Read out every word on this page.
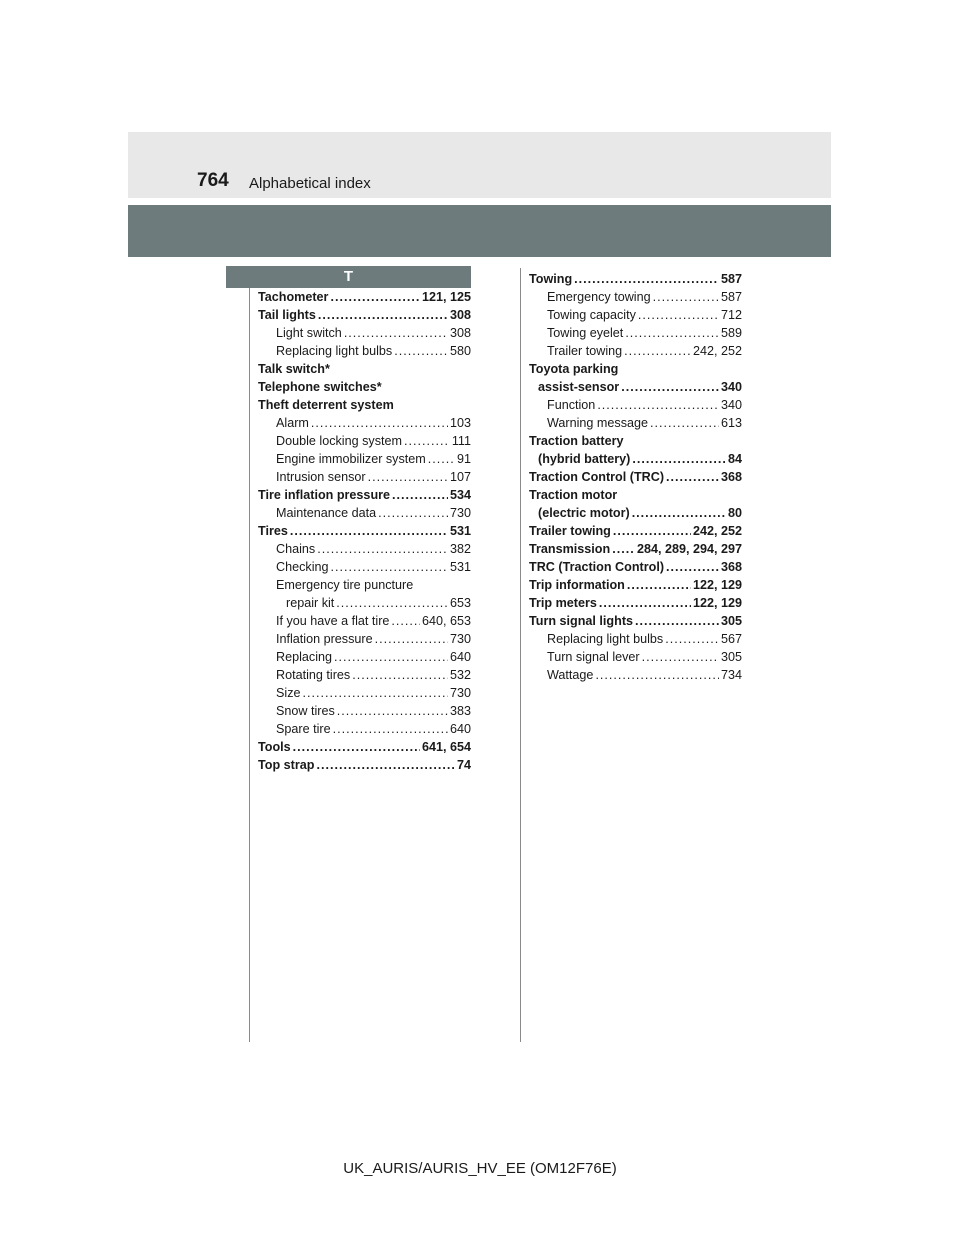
764 Alphabetical index
T
Tachometer .....	121, 125
Tail lights .....	308
Light switch .....	308
Replacing light bulbs .....	580
Talk switch*
Telephone switches*
Theft deterrent system
Alarm .....	103
Double locking system .....	111
Engine immobilizer system ..... 91
Intrusion sensor .....	107
Tire inflation pressure .....	534
Maintenance data .....	730
Tires .....	531
Chains .....	382
Checking .....	531
Emergency tire puncture
repair kit .....	653
If you have a flat tire .....	640, 653
Inflation pressure .....	730
Replacing .....	640
Rotating tires .....	532
Size .....	730
Snow tires .....	383
Spare tire .....	640
Tools .....	641, 654
Top strap .....	74
Towing .....	587
Emergency towing .....	587
Towing capacity .....	712
Towing eyelet .....	589
Trailer towing .....	242, 252
Toyota parking
assist-sensor .....	340
Function .....	340
Warning message .....	613
Traction battery
(hybrid battery) .....	84
Traction Control (TRC) .....	368
Traction motor
(electric motor) .....	80
Trailer towing .....	242, 252
Transmission ..... 284, 289, 294, 297
TRC (Traction Control) .....	368
Trip information .....	122, 129
Trip meters .....	122, 129
Turn signal lights .....	305
Replacing light bulbs .....	567
Turn signal lever .....	305
Wattage .....	734
UK_AURIS/AURIS_HV_EE (OM12F76E)
